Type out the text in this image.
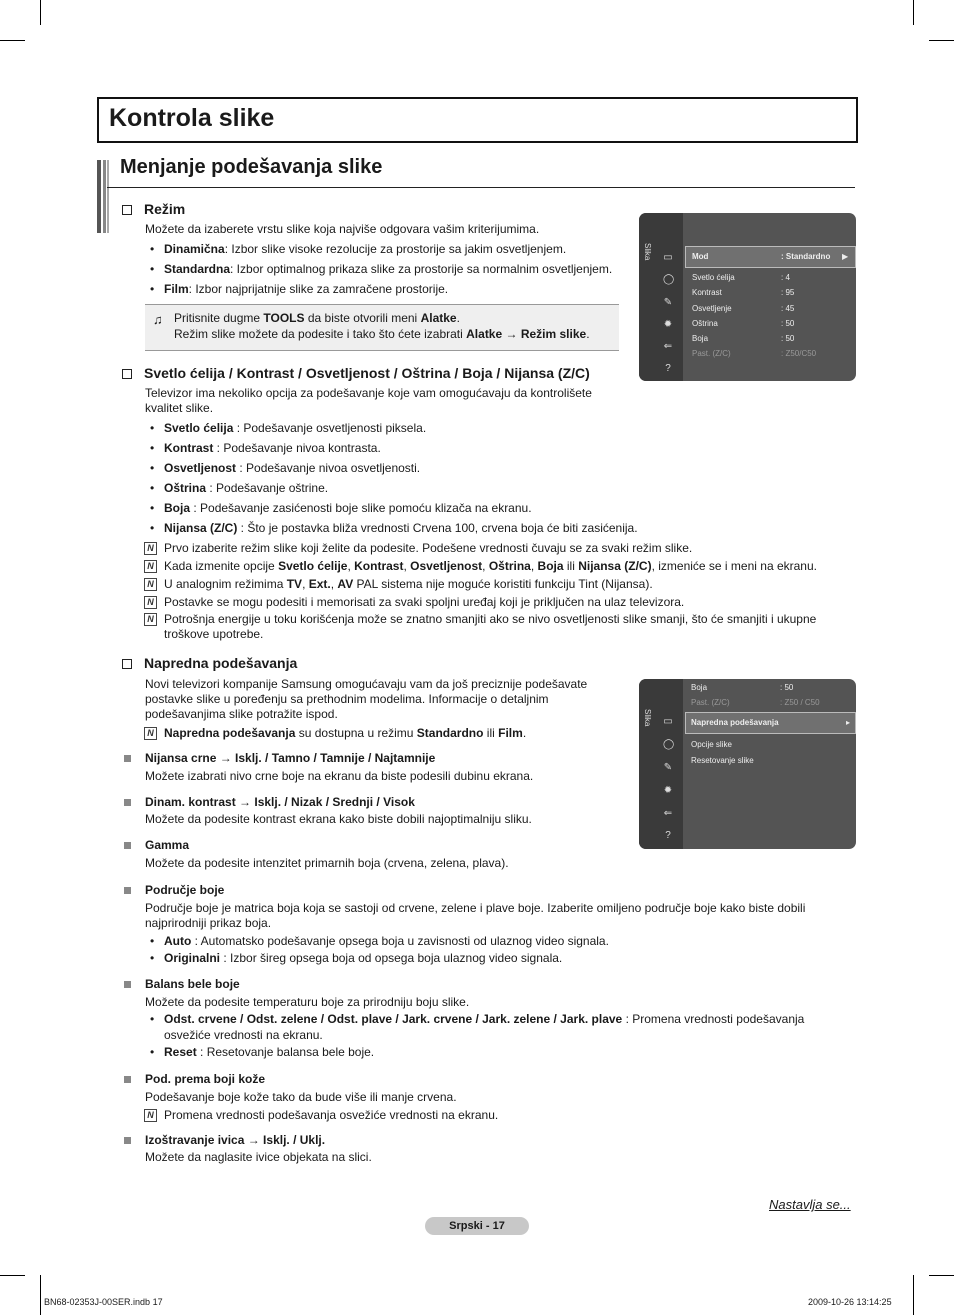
Kontrola slike
Menjanje podešavanja slike
Režim
Možete da izaberete vrstu slike koja najviše odgovara vašim kriterijumima.
• Dinamična: Izbor slike visoke rezolucije za prostorije sa jakim osvetljenjem.
• Standardna: Izbor optimalnog prikaza slike za prostorije sa normalnim osvetljenjem.
• Film: Izbor najprijatnije slike za zamračene prostorije.
♫ Pritisnite dugme TOOLS da biste otvorili meni Alatke.
Režim slike možete da podesite i tako što ćete izabrati Alatke → Režim slike.
Slika ▭
◯
✎
✹
⇐
?
Mod	: Standardno ▶
Svetlo ćelija	: 4
Kontrast	: 95
Osvetljenje	: 45
Oštrina	: 50
Boja	: 50
Past. (Z/C)	: Z50/C50
Svetlo ćelija / Kontrast / Osvetljenost / Oštrina / Boja / Nijansa (Z/C)
Televizor ima nekoliko opcija za podešavanje koje vam omogućavaju da kontrolišete
kvalitet slike.
• Svetlo ćelija : Podešavanje osvetljenosti piksela.
• Kontrast : Podešavanje nivoa kontrasta.
• Osvetljenost : Podešavanje nivoa osvetljenosti.
• Oštrina : Podešavanje oštrine.
• Boja : Podešavanje zasićenosti boje slike pomoću klizača na ekranu.
• Nijansa (Z/C) : Što je postavka bliža vrednosti Crvena 100, crvena boja će biti zasićenija.
N Prvo izaberite režim slike koji želite da podesite. Podešene vrednosti čuvaju se za svaki režim slike.
N Kada izmenite opcije Svetlo ćelije, Kontrast, Osvetljenost, Oštrina, Boja ili Nijansa (Z/C), izmeniće se i meni na ekranu.
N U analognim režimima TV, Ext., AV PAL sistema nije moguće koristiti funkciju Tint (Nijansa).
N Postavke se mogu podesiti i memorisati za svaki spoljni uređaj koji je priključen na ulaz televizora.
N Potrošnja energije u toku korišćenja može se znatno smanjiti ako se nivo osvetljenosti slike smanji, što će smanjiti i ukupne
troškove upotrebe.
Napredna podešavanja
Novi televizori kompanije Samsung omogućavaju vam da još preciznije podešavate
postavke slike u poređenju sa prethodnim modelima. Informacije o detaljnim
podešavanjima slike potražite ispod.
N Napredna podešavanja su dostupna u režimu Standardno ili Film.
Slika ▭
◯
✎
✹
⇐
?
Boja	: 50
Past. (Z/C)	: Z50 / C50
Napredna podešavanja	▸
Opcije slike
Resetovanje slike
Nijansa crne → Isklj. / Tamno / Tamnije / Najtamnije
Možete izabrati nivo crne boje na ekranu da biste podesili dubinu ekrana.
Dinam. kontrast → Isklj. / Nizak / Srednji / Visok
Možete da podesite kontrast ekrana kako biste dobili najoptimalniju sliku.
Gamma
Možete da podesite intenzitet primarnih boja (crvena, zelena, plava).
Područje boje
Područje boje je matrica boja koja se sastoji od crvene, zelene i plave boje. Izaberite omiljeno područje boje kako biste dobili
najprirodniji prikaz boja.
• Auto : Automatsko podešavanje opsega boja u zavisnosti od ulaznog video signala.
• Originalni : Izbor šireg opsega boja od opsega boja ulaznog video signala.
Balans bele boje
Možete da podesite temperaturu boje za prirodniju boju slike.
• Odst. crvene / Odst. zelene / Odst. plave / Jark. crvene / Jark. zelene / Jark. plave : Promena vrednosti podešavanja
osvežiće vrednosti na ekranu.
• Reset : Resetovanje balansa bele boje.
Pod. prema boji kože
Podešavanje boje kože tako da bude više ili manje crvena.
N Promena vrednosti podešavanja osvežiće vrednosti na ekranu.
Izoštravanje ivica → Isklj. / Uklj.
Možete da naglasite ivice objekata na slici.
Nastavlja se...
Srpski - 17
BN68-02353J-00SER.indb 17	2009-10-26 13:14:25
